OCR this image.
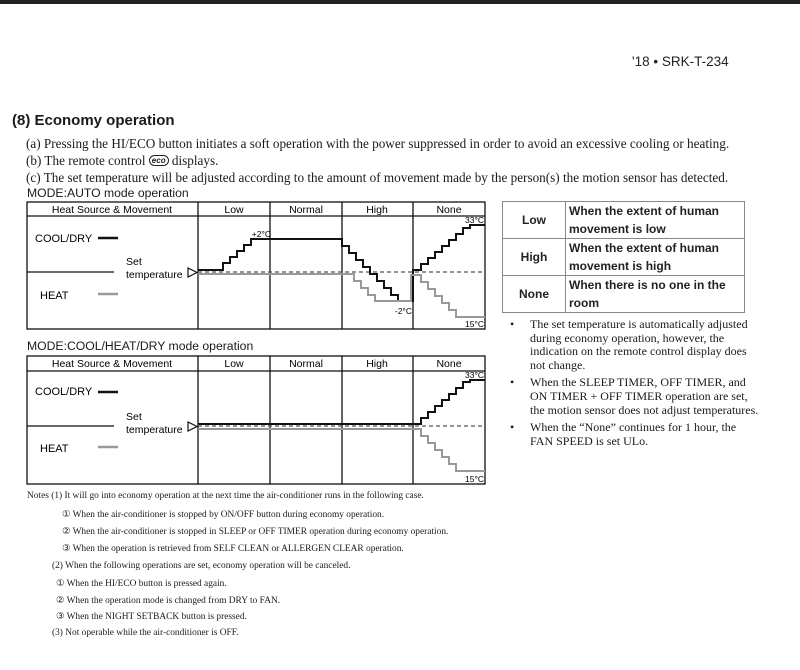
'18 • SRK-T-234
(8) Economy operation
(a) Pressing the HI/ECO button initiates a soft operation with the power suppressed in order to avoid an excessive cooling or heating.
(b) The remote control eco displays.
(c) The set temperature will be adjusted according to the amount of movement made by the person(s) the motion sensor has detected.
MODE:AUTO mode operation
MODE:COOL/HEAT/DRY mode operation
Heat Source & Movement	Low	Normal	High	None
COOL/DRY
HEAT
Set
temperature
+2°C
-2°C
33°C
15°C
Heat Source & Movement	Low	Normal	High	None
COOL/DRY
HEAT
Set
temperature
33°C
15°C
Low	When the extent of human
movement is low
High	When the extent of human
movement is high
None	When there is no one in the
room
• The set temperature is automatically adjusted during economy operation, however, the indication on the remote control display does not change.
• When the SLEEP TIMER, OFF TIMER, and ON TIMER + OFF TIMER operation are set, the motion sensor does not adjust temperatures.
• When the “None” continues for 1 hour, the FAN SPEED is set ULo.
Notes (1) It will go into economy operation at the next time the air-conditioner runs in the following case.
① When the air-conditioner is stopped by ON/OFF button during economy operation.
② When the air-conditioner is stopped in SLEEP or OFF TIMER operation during economy operation.
③ When the operation is retrieved from SELF CLEAN or ALLERGEN CLEAR operation.
(2) When the following operations are set, economy operation will be canceled.
① When the HI/ECO button is pressed again.
② When the operation mode is changed from DRY to FAN.
③ When the NIGHT SETBACK button is pressed.
(3) Not operable while the air-conditioner is OFF.
